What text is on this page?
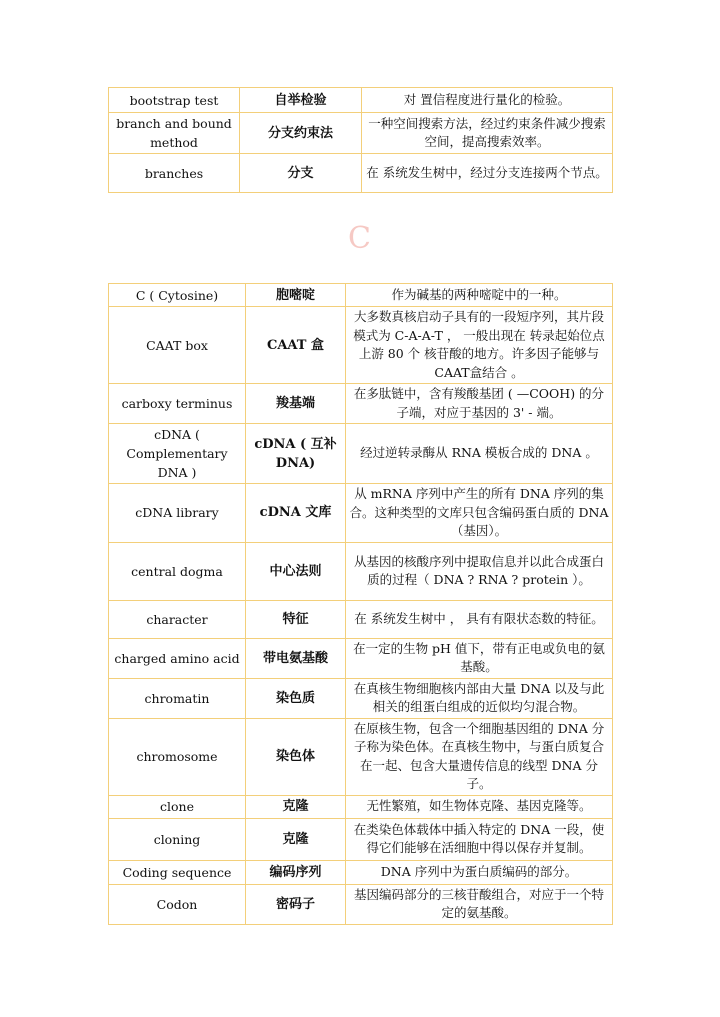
bootstrap test	自举检验	对 置信程度进行量化的检验。
branch and bound method	分支约束法	一种空间搜索方法，经过约束条件减少搜索空间，提高搜索效率。
branches	分支	在 系统发生树中，经过分支连接两个节点。
C
C ( Cytosine)	胞嘧啶	作为碱基的两种嘧啶中的一种。
CAAT box	CAAT 盒	大多数真核启动子具有的一段短序列，其片段模式为 C-A-A-T ， 一般出现在 转录起始位点上游 80 个 核苷酸的地方。许多因子能够与CAAT盒结合 。
carboxy terminus	羧基端	在多肽链中，含有羧酸基团 ( —COOH) 的分子端，对应于基因的 3' - 端。
cDNA ( Complementary DNA )	cDNA ( 互补 DNA)	经过逆转录酶从 RNA 模板合成的 DNA 。
cDNA library	cDNA 文库	从 mRNA 序列中产生的所有 DNA 序列的集合。这种类型的文库只包含编码蛋白质的 DNA （基因）。
central dogma	中心法则	从基因的核酸序列中提取信息并以此合成蛋白质的过程（ DNA ? RNA ? protein ）。
character	特征	在 系统发生树中 ， 具有有限状态数的特征。
charged amino acid	带电氨基酸	在一定的生物 pH 值下，带有正电或负电的氨基酸。
chromatin	染色质	在真核生物细胞核内部由大量 DNA 以及与此相关的组蛋白组成的近似均匀混合物。
chromosome	染色体	在原核生物，包含一个细胞基因组的 DNA 分子称为染色体。在真核生物中，与蛋白质复合在一起、包含大量遗传信息的线型 DNA 分子。
clone	克隆	无性繁殖，如生物体克隆、基因克隆等。
cloning	克隆	在类染色体载体中插入特定的 DNA 一段，使得它们能够在活细胞中得以保存并复制。
Coding sequence	编码序列	DNA 序列中为蛋白质编码的部分。
Codon	密码子	基因编码部分的三核苷酸组合，对应于一个特定的氨基酸。
